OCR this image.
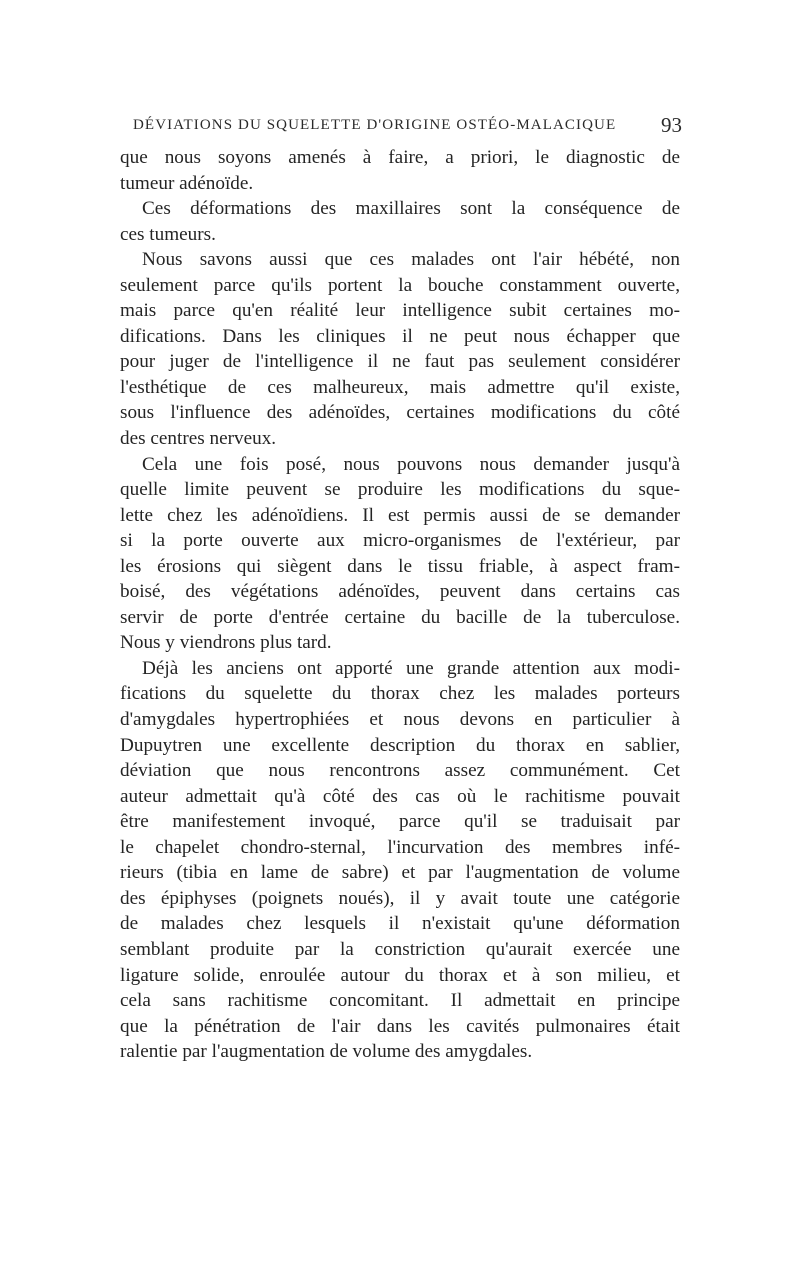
DÉVIATIONS DU SQUELETTE D'ORIGINE OSTÉO-MALACIQUE 93
que nous soyons amenés à faire, a priori, le diagnostic de
tumeur adénoïde.
Ces déformations des maxillaires sont la conséquence de
ces tumeurs.
Nous savons aussi que ces malades ont l'air hébété, non
seulement parce qu'ils portent la bouche constamment ouverte,
mais parce qu'en réalité leur intelligence subit certaines mo-
difications. Dans les cliniques il ne peut nous échapper que
pour juger de l'intelligence il ne faut pas seulement considérer
l'esthétique de ces malheureux, mais admettre qu'il existe,
sous l'influence des adénoïdes, certaines modifications du côté
des centres nerveux.
Cela une fois posé, nous pouvons nous demander jusqu'à
quelle limite peuvent se produire les modifications du sque-
lette chez les adénoïdiens. Il est permis aussi de se demander
si la porte ouverte aux micro-organismes de l'extérieur, par
les érosions qui siègent dans le tissu friable, à aspect fram-
boisé, des végétations adénoïdes, peuvent dans certains cas
servir de porte d'entrée certaine du bacille de la tuberculose.
Nous y viendrons plus tard.
Déjà les anciens ont apporté une grande attention aux modi-
fications du squelette du thorax chez les malades porteurs
d'amygdales hypertrophiées et nous devons en particulier à
Dupuytren une excellente description du thorax en sablier,
déviation que nous rencontrons assez communément. Cet
auteur admettait qu'à côté des cas où le rachitisme pouvait
être manifestement invoqué, parce qu'il se traduisait par
le chapelet chondro-sternal, l'incurvation des membres infé-
rieurs (tibia en lame de sabre) et par l'augmentation de volume
des épiphyses (poignets noués), il y avait toute une catégorie
de malades chez lesquels il n'existait qu'une déformation
semblant produite par la constriction qu'aurait exercée une
ligature solide, enroulée autour du thorax et à son milieu, et
cela sans rachitisme concomitant. Il admettait en principe
que la pénétration de l'air dans les cavités pulmonaires était
ralentie par l'augmentation de volume des amygdales.
